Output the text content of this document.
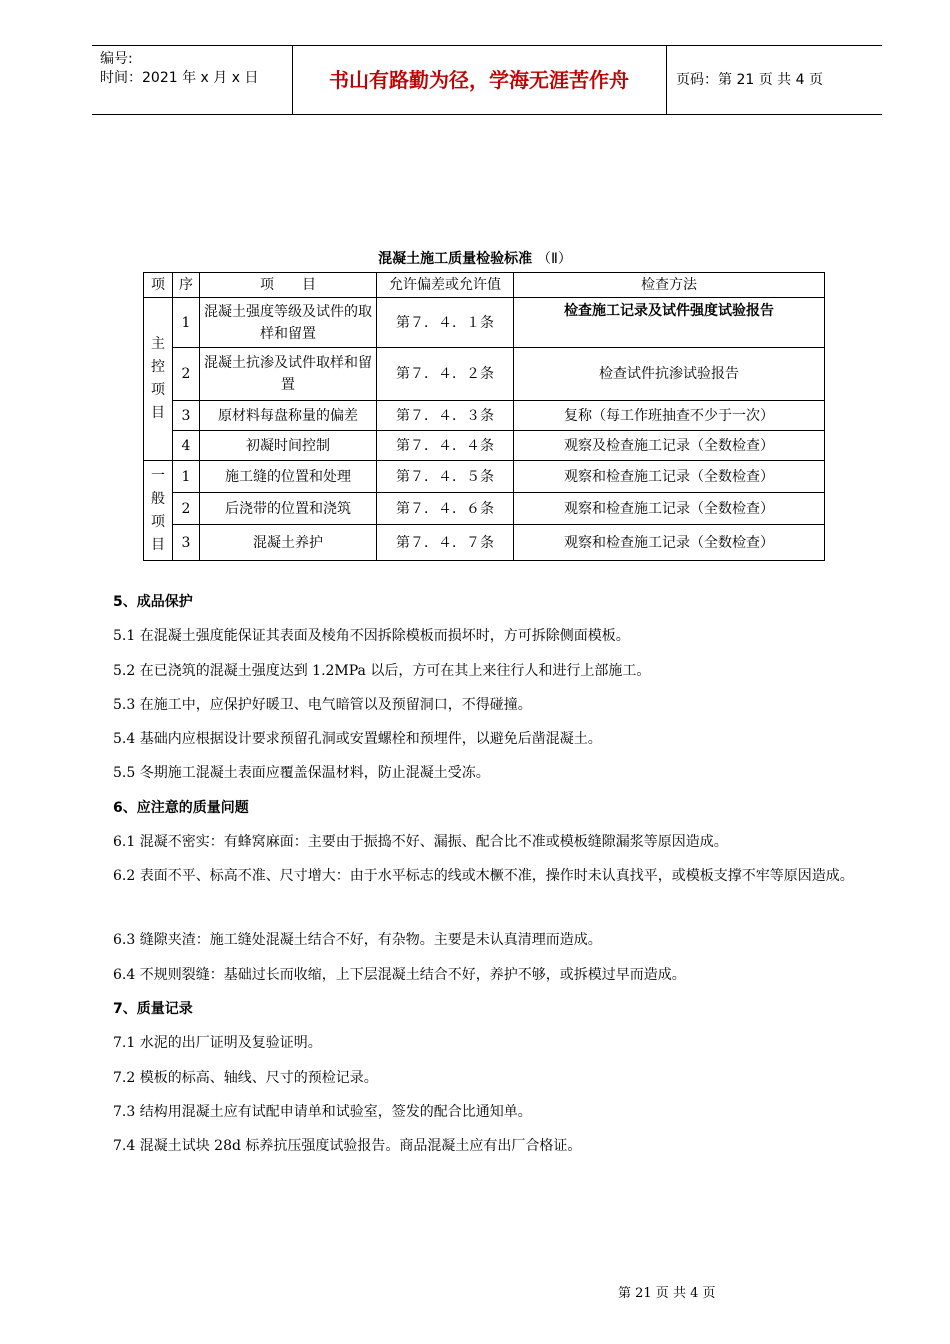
编号:
时间：2021 年 x 月 x 日	书山有路勤为径，学海无涯苦作舟	页码：第 21 页 共 4 页
混凝土施工质量检验标准 （Ⅱ）
项	序	项　　目	允许偏差或允许值	检查方法
主控项目	1	混凝土强度等级及试件的取样和留置	第７．４．１条	检查施工记录及试件强度试验报告
	2	混凝土抗渗及试件取样和留置	第７．４．２条	检查试件抗渗试验报告
	3	原材料每盘称量的偏差	第７．４．３条	复称（每工作班抽查不少于一次）
	4	初凝时间控制	第７．４．４条	观察及检查施工记录（全数检查）
一般项目	1	施工缝的位置和处理	第７．４．５条	观察和检查施工记录（全数检查）
	2	后浇带的位置和浇筑	第７．４．６条	观察和检查施工记录（全数检查）
	3	混凝土养护	第７．４．７条	观察和检查施工记录（全数检查）

5、成品保护

5.1 在混凝土强度能保证其表面及棱角不因拆除模板而损坏时，方可拆除侧面模板。

5.2 在已浇筑的混凝土强度达到 1.2MPa 以后，方可在其上来往行人和进行上部施工。

5.3 在施工中，应保护好暖卫、电气暗管以及预留洞口，不得碰撞。

5.4 基础内应根据设计要求预留孔洞或安置螺栓和预埋件，以避免后凿混凝土。

5.5 冬期施工混凝土表面应覆盖保温材料，防止混凝土受冻。

6、应注意的质量问题

6.1 混凝不密实：有蜂窝麻面：主要由于振捣不好、漏振、配合比不准或模板缝隙漏浆等原因造成。

6.2 表面不平、标高不准、尺寸增大：由于水平标志的线或木橛不准，操作时未认真找平，或模板支撑不牢等原因造成。

6.3 缝隙夹渣：施工缝处混凝土结合不好，有杂物。主要是未认真清理而造成。

6.4 不规则裂缝：基础过长而收缩，上下层混凝土结合不好，养护不够，或拆模过早而造成。

7、质量记录

7.1 水泥的出厂证明及复验证明。

7.2 模板的标高、轴线、尺寸的预检记录。

7.3 结构用混凝土应有试配申请单和试验室，签发的配合比通知单。

7.4 混凝土试块 28d 标养抗压强度试验报告。商品混凝土应有出厂合格证。

第 21 页 共 4 页
